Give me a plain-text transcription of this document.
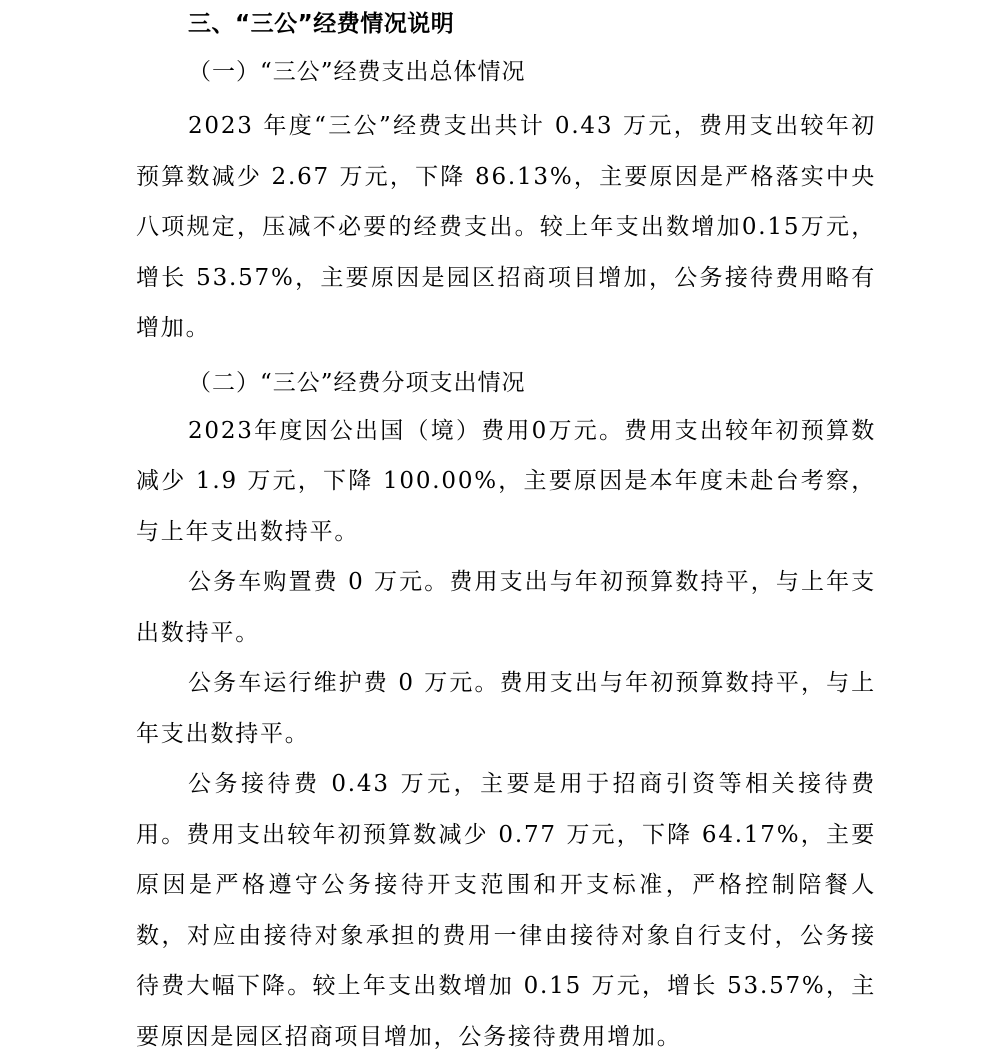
三、“三公”经费情况说明
（一）“三公”经费支出总体情况

2023 年度“三公”经费支出共计 0.43 万元，费用支出较年初预算数减少 2.67 万元，下降 86.13%，主要原因是严格落实中央八项规定，压减不必要的经费支出。较上年支出数增加0.15万元，增长 53.57%，主要原因是园区招商项目增加，公务接待费用略有增加。

（二）“三公”经费分项支出情况

2023年度因公出国（境）费用0万元。费用支出较年初预算数减少 1.9 万元，下降 100.00%，主要原因是本年度未赴台考察，与上年支出数持平。

公务车购置费 0 万元。费用支出与年初预算数持平，与上年支出数持平。

公务车运行维护费 0 万元。费用支出与年初预算数持平，与上年支出数持平。

公务接待费 0.43 万元，主要是用于招商引资等相关接待费用。费用支出较年初预算数减少 0.77 万元，下降 64.17%，主要原因是严格遵守公务接待开支范围和开支标准，严格控制陪餐人数，对应由接待对象承担的费用一律由接待对象自行支付，公务接待费大幅下降。较上年支出数增加 0.15 万元，增长 53.57%，主要原因是园区招商项目增加，公务接待费用增加。
